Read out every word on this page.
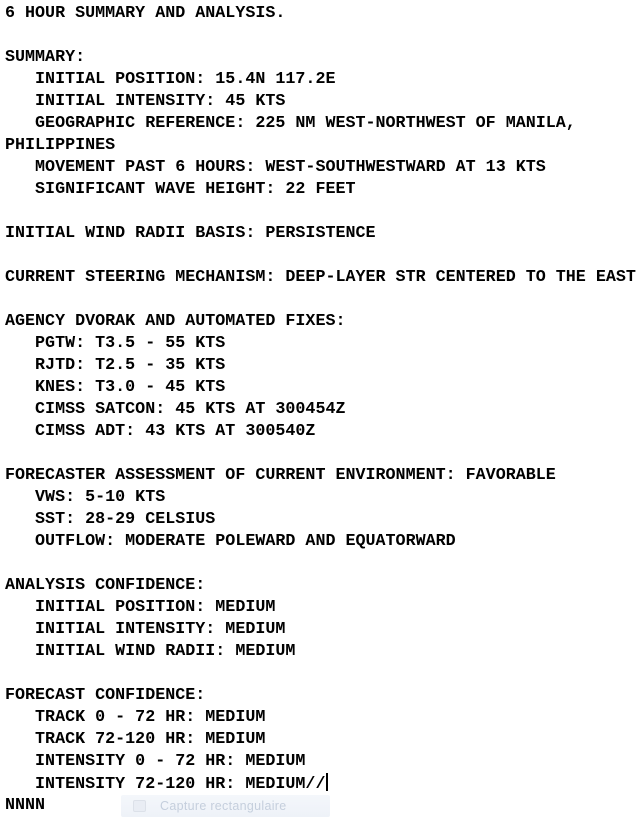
6 HOUR SUMMARY AND ANALYSIS.
SUMMARY:
INITIAL POSITION: 15.4N 117.2E
INITIAL INTENSITY: 45 KTS
GEOGRAPHIC REFERENCE: 225 NM WEST-NORTHWEST OF MANILA,
PHILIPPINES
MOVEMENT PAST 6 HOURS: WEST-SOUTHWESTWARD AT 13 KTS
SIGNIFICANT WAVE HEIGHT: 22 FEET
INITIAL WIND RADII BASIS: PERSISTENCE
CURRENT STEERING MECHANISM: DEEP-LAYER STR CENTERED TO THE EAST
AGENCY DVORAK AND AUTOMATED FIXES:
PGTW: T3.5 - 55 KTS
RJTD: T2.5 - 35 KTS
KNES: T3.0 - 45 KTS
CIMSS SATCON: 45 KTS AT 300454Z
CIMSS ADT: 43 KTS AT 300540Z
FORECASTER ASSESSMENT OF CURRENT ENVIRONMENT: FAVORABLE
VWS: 5-10 KTS
SST: 28-29 CELSIUS
OUTFLOW: MODERATE POLEWARD AND EQUATORWARD
ANALYSIS CONFIDENCE:
INITIAL POSITION: MEDIUM
INITIAL INTENSITY: MEDIUM
INITIAL WIND RADII: MEDIUM
FORECAST CONFIDENCE:
TRACK 0 - 72 HR: MEDIUM
TRACK 72-120 HR: MEDIUM
INTENSITY 0 - 72 HR: MEDIUM
INTENSITY 72-120 HR: MEDIUM//
NNNN	Capture rectangulaire
